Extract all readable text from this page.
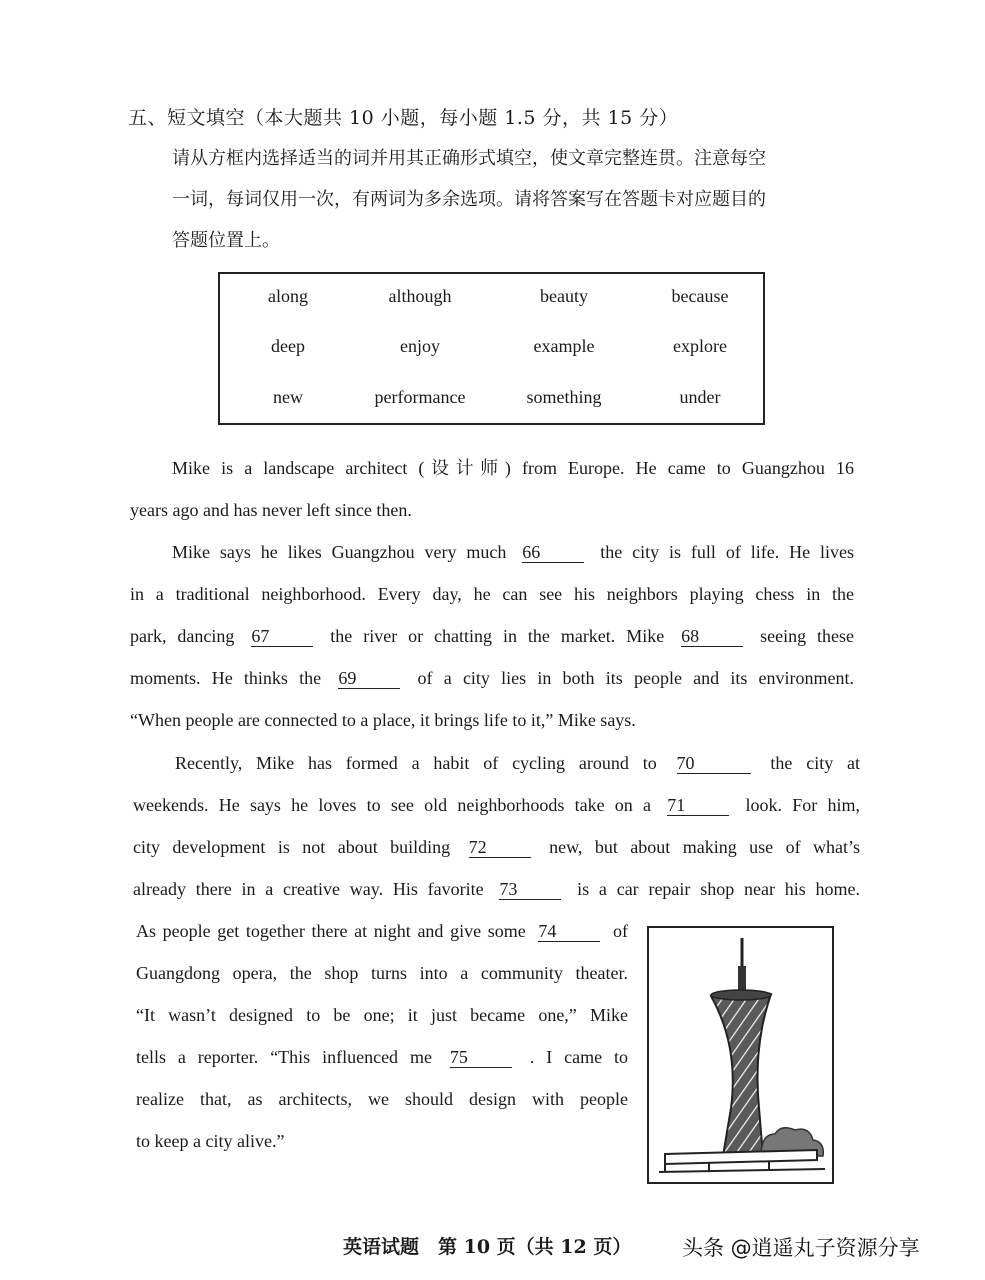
五、短文填空（本大题共 10 小题，每小题 1.5 分，共 15 分）
请从方框内选择适当的词并用其正确形式填空，使文章完整连贯。注意每空
一词，每词仅用一次，有两词为多余选项。请将答案写在答题卡对应题目的
答题位置上。
along	although	beauty	because
deep	enjoy	example	explore
new	performance	something	under
Mike is a landscape architect (设计师) from Europe. He came to Guangzhou 16
years ago and has never left since then.
Mike says he likes Guangzhou very much 66	the city is full of life. He lives
in a traditional neighborhood. Every day, he can see his neighbors playing chess in the
park, dancing 67	the river or chatting in the market. Mike 68	seeing these
moments. He thinks the 69	of a city lies in both its people and its environment.
“When people are connected to a place, it brings life to it,” Mike says.
Recently, Mike has formed a habit of cycling around to 70	the city at
weekends. He says he loves to see old neighborhoods take on a 71	look. For him,
city development is not about building 72	new, but about making use of what’s
already there in a creative way. His favorite 73	is a car repair shop near his home.
As people get together there at night and give some 74	of
Guangdong opera, the shop turns into a community theater.
“It wasn’t designed to be one; it just became one,” Mike
tells a reporter. “This influenced me 75	. I came to
realize that, as architects, we should design with people
to keep a city alive.”
英语试题　第 10 页（共 12 页） 头条 @逍遥丸子资源分享
